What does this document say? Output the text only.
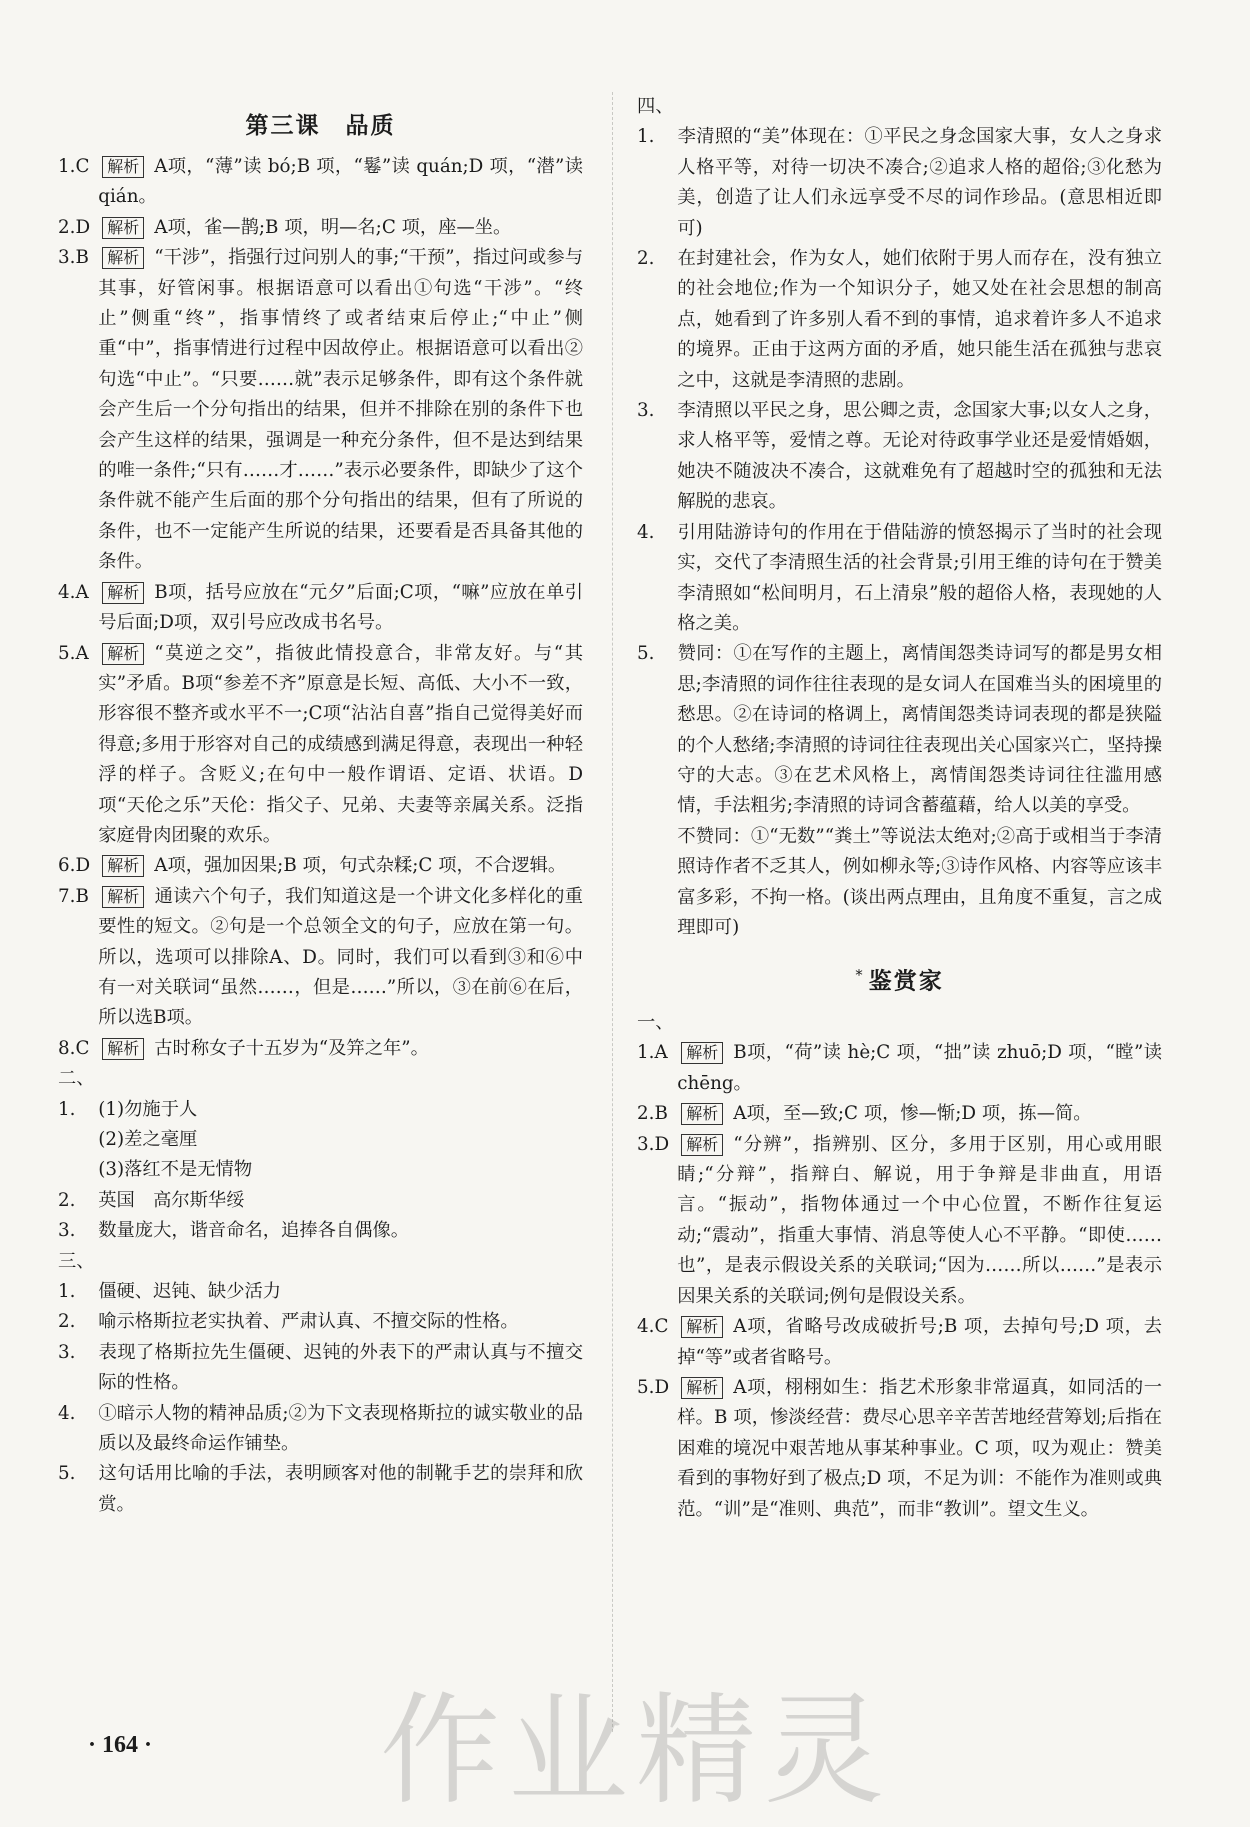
第三课　品质
1.C 解析 A项，“薄”读 bó;B 项，“鬈”读 quán;D 项，“潜”读 qián。
2.D 解析 A项，雀—鹊;B 项，明—名;C 项，座—坐。
3.B 解析 “干涉”，指强行过问别人的事;“干预”，指过问或参与其事，好管闲事。根据语意可以看出①句选“干涉”。“终止”侧重“终”，指事情终了或者结束后停止;“中止”侧重“中”，指事情进行过程中因故停止。根据语意可以看出②句选“中止”。“只要……就”表示足够条件，即有这个条件就会产生后一个分句指出的结果，但并不排除在别的条件下也会产生这样的结果，强调是一种充分条件，但不是达到结果的唯一条件;“只有……才……”表示必要条件，即缺少了这个条件就不能产生后面的那个分句指出的结果，但有了所说的条件，也不一定能产生所说的结果，还要看是否具备其他的条件。
4.A 解析 B项，括号应放在“元夕”后面;C项，“嘛”应放在单引号后面;D项，双引号应改成书名号。
5.A 解析 “莫逆之交”，指彼此情投意合，非常友好。与“其实”矛盾。B项“参差不齐”原意是长短、高低、大小不一致，形容很不整齐或水平不一;C项“沾沾自喜”指自己觉得美好而得意;多用于形容对自己的成绩感到满足得意，表现出一种轻浮的样子。含贬义;在句中一般作谓语、定语、状语。D项“天伦之乐”天伦：指父子、兄弟、夫妻等亲属关系。泛指家庭骨肉团聚的欢乐。
6.D 解析 A项，强加因果;B 项，句式杂糅;C 项，不合逻辑。
7.B 解析 通读六个句子，我们知道这是一个讲文化多样化的重要性的短文。②句是一个总领全文的句子，应放在第一句。所以，选项可以排除A、D。同时，我们可以看到③和⑥中有一对关联词“虽然……，但是……”所以，③在前⑥在后，所以选B项。
8.C 解析 古时称女子十五岁为“及笄之年”。
二、
1. (1)勿施于人
(2)差之毫厘
(3)落红不是无情物
2. 英国　高尔斯华绥
3. 数量庞大，谐音命名，追捧各自偶像。
三、
1. 僵硬、迟钝、缺少活力
2. 喻示格斯拉老实执着、严肃认真、不擅交际的性格。
3. 表现了格斯拉先生僵硬、迟钝的外表下的严肃认真与不擅交际的性格。
4. ①暗示人物的精神品质;②为下文表现格斯拉的诚实敬业的品质以及最终命运作铺垫。
5. 这句话用比喻的手法，表明顾客对他的制靴手艺的崇拜和欣赏。
四、
1. 李清照的“美”体现在：①平民之身念国家大事，女人之身求人格平等，对待一切决不凑合;②追求人格的超俗;③化愁为美，创造了让人们永远享受不尽的词作珍品。(意思相近即可)
2. 在封建社会，作为女人，她们依附于男人而存在，没有独立的社会地位;作为一个知识分子，她又处在社会思想的制高点，她看到了许多别人看不到的事情，追求着许多人不追求的境界。正由于这两方面的矛盾，她只能生活在孤独与悲哀之中，这就是李清照的悲剧。
3. 李清照以平民之身，思公卿之责，念国家大事;以女人之身，求人格平等，爱情之尊。无论对待政事学业还是爱情婚姻，她决不随波决不凑合，这就难免有了超越时空的孤独和无法解脱的悲哀。
4. 引用陆游诗句的作用在于借陆游的愤怒揭示了当时的社会现实，交代了李清照生活的社会背景;引用王维的诗句在于赞美李清照如“松间明月，石上清泉”般的超俗人格，表现她的人格之美。
5. 赞同：①在写作的主题上，离情闺怨类诗词写的都是男女相思;李清照的词作往往表现的是女词人在国难当头的困境里的愁思。②在诗词的格调上，离情闺怨类诗词表现的都是狭隘的个人愁绪;李清照的诗词往往表现出关心国家兴亡，坚持操守的大志。③在艺术风格上，离情闺怨类诗词往往滥用感情，手法粗劣;李清照的诗词含蓄蕴藉，给人以美的享受。
不赞同：①“无数”“粪土”等说法太绝对;②高于或相当于李清照诗作者不乏其人，例如柳永等;③诗作风格、内容等应该丰富多彩，不拘一格。(谈出两点理由，且角度不重复，言之成理即可)
* 鉴赏家
一、
1.A 解析 B项，“荷”读 hè;C 项，“拙”读 zhuō;D 项，“瞠”读 chēng。
2.B 解析 A项，至—致;C 项，惨—惭;D 项，拣—简。
3.D 解析 “分辨”，指辨别、区分，多用于区别，用心或用眼睛;“分辩”，指辩白、解说，用于争辩是非曲直，用语言。“振动”，指物体通过一个中心位置，不断作往复运动;“震动”，指重大事情、消息等使人心不平静。“即使……也”，是表示假设关系的关联词;“因为……所以……”是表示因果关系的关联词;例句是假设关系。
4.C 解析 A项，省略号改成破折号;B 项，去掉句号;D 项，去掉“等”或者省略号。
5.D 解析 A项，栩栩如生：指艺术形象非常逼真，如同活的一样。B 项，惨淡经营：费尽心思辛辛苦苦地经营筹划;后指在困难的境况中艰苦地从事某种事业。C 项，叹为观止：赞美看到的事物好到了极点;D 项，不足为训：不能作为准则或典范。“训”是“准则、典范”，而非“教训”。望文生义。
· 164 · 作业精灵
